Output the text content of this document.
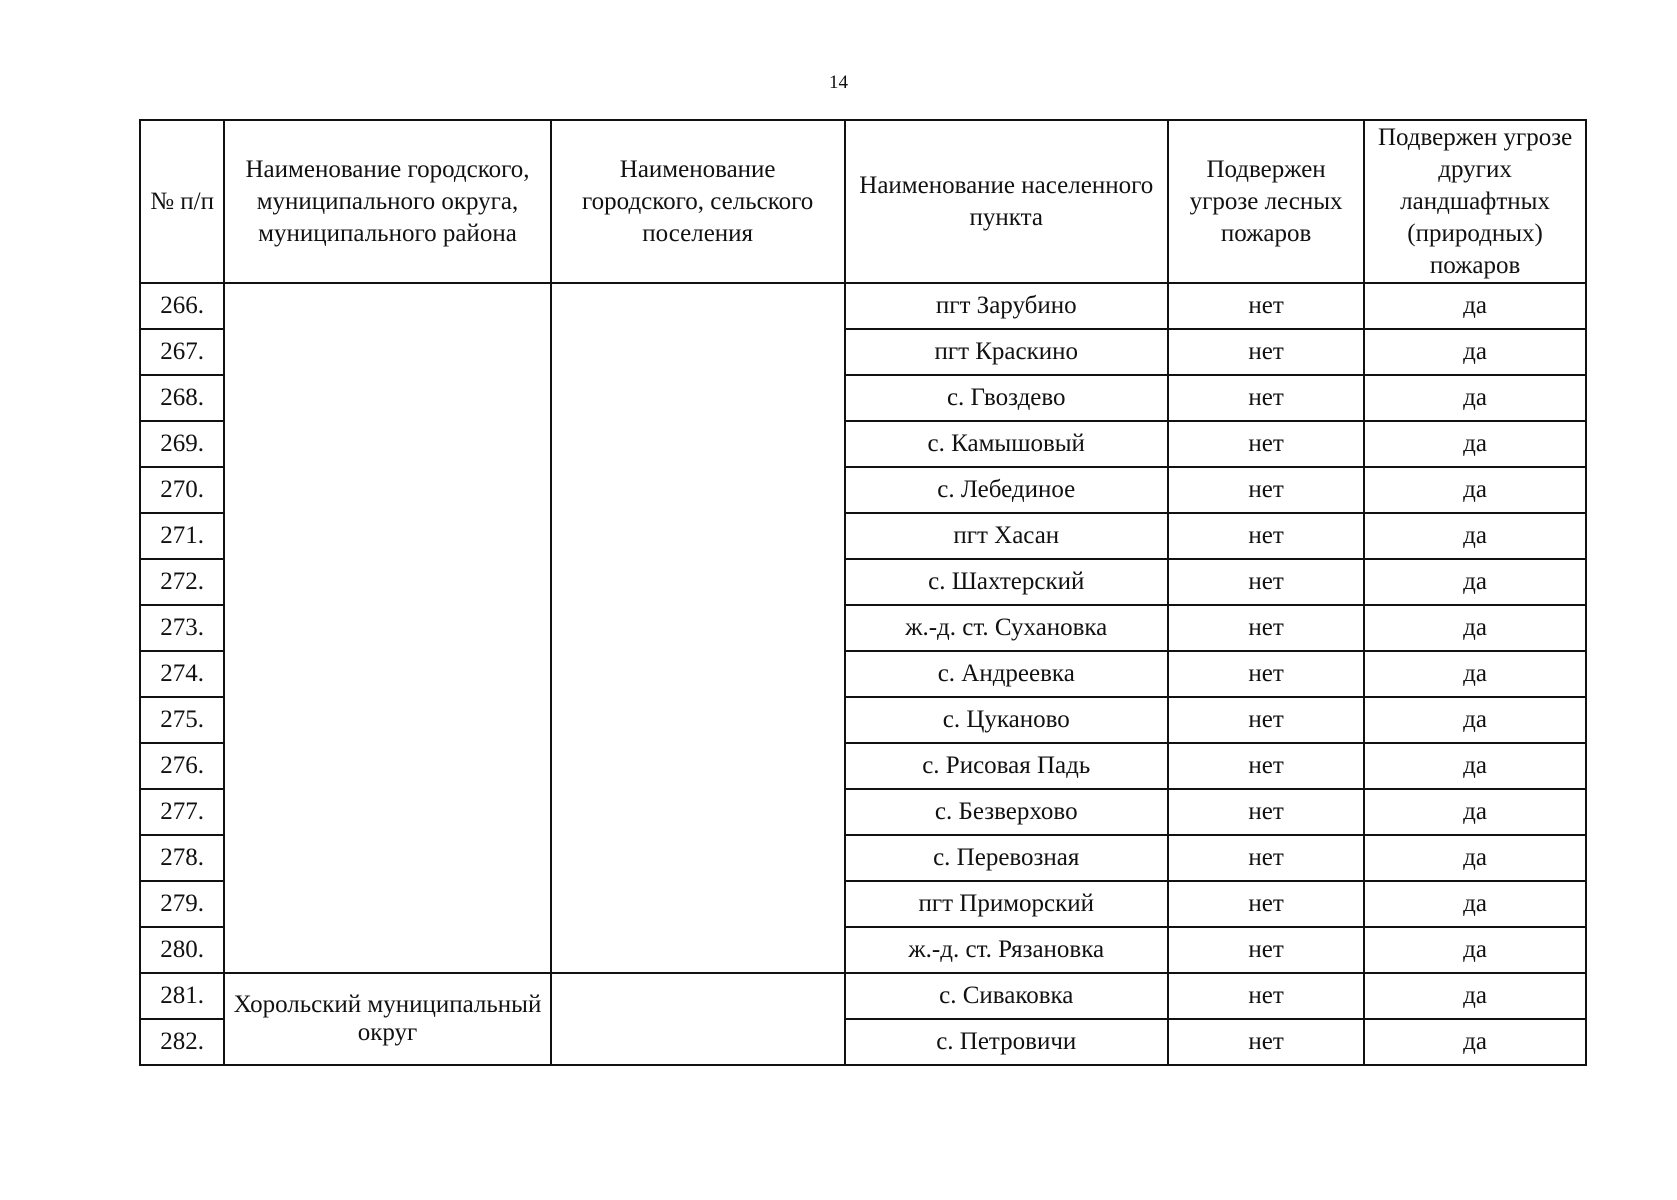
14
№ п/п	Наименование городского, муниципального округа, муниципального района	Наименование городского, сельского поселения	Наименование населенного пункта	Подвержен угрозе лесных пожаров	Подвержен угрозе других ландшафтных (природных) пожаров
266.			пгт Зарубино	нет	да
267.			пгт Краскино	нет	да
268.			с. Гвоздево	нет	да
269.			с. Камышовый	нет	да
270.			с. Лебединое	нет	да
271.			пгт Хасан	нет	да
272.			с. Шахтерский	нет	да
273.			ж.-д. ст. Сухановка	нет	да
274.			с. Андреевка	нет	да
275.			с. Цуканово	нет	да
276.			с. Рисовая Падь	нет	да
277.			с. Безверхово	нет	да
278.			с. Перевозная	нет	да
279.			пгт Приморский	нет	да
280.			ж.-д. ст. Рязановка	нет	да
281.	Хорольский муниципальный округ		с. Сиваковка	нет	да
282.			с. Петровичи	нет	да
